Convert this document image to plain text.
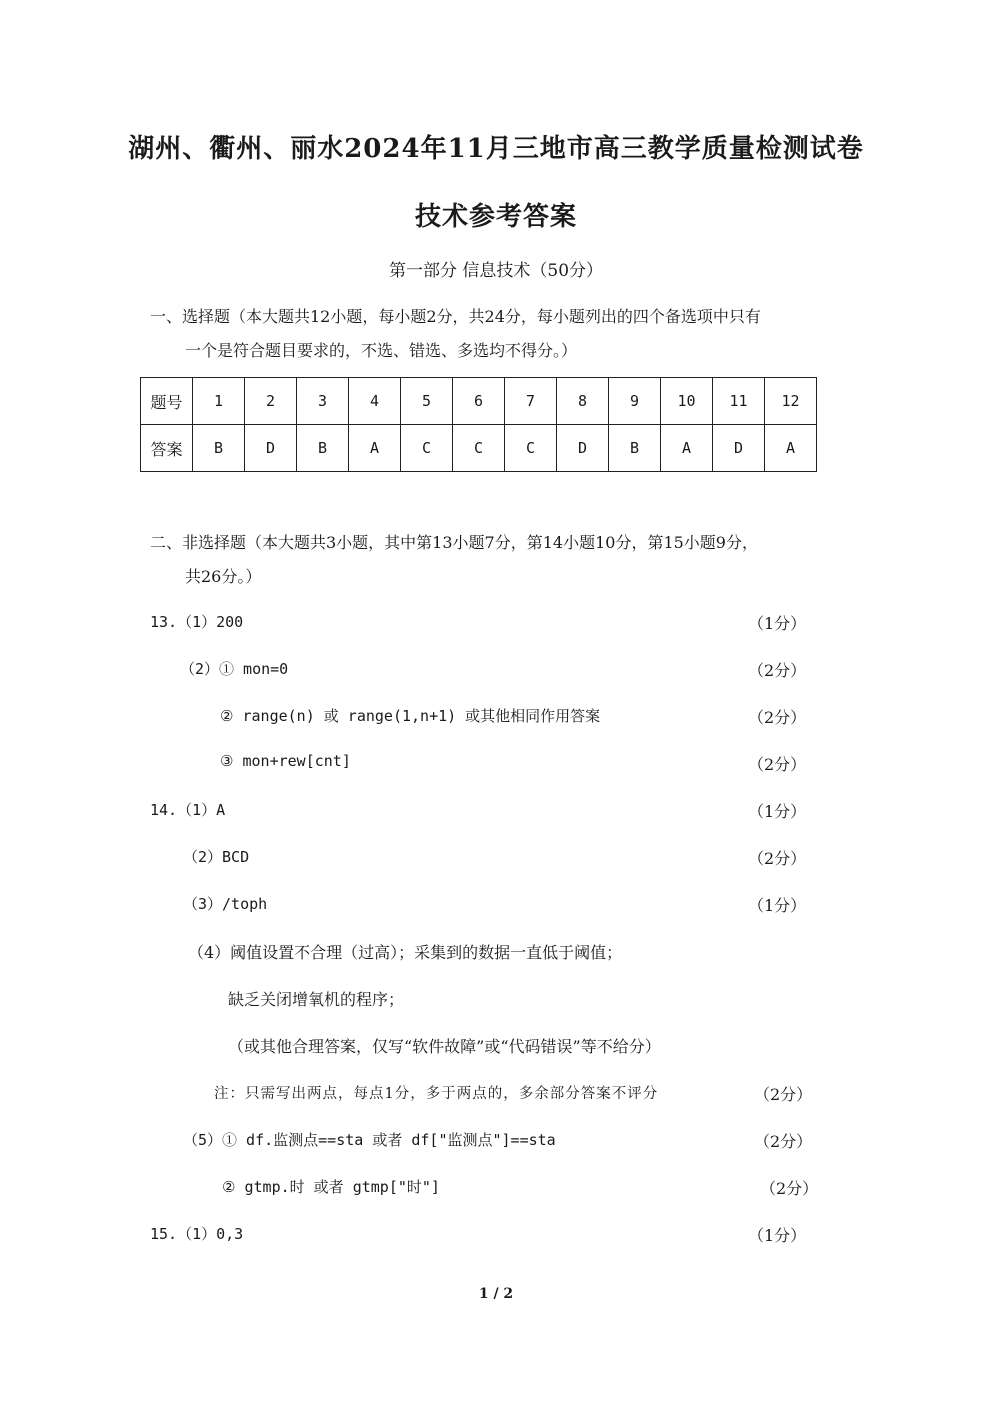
湖州、衢州、丽水2024年11月三地市高三教学质量检测试卷
技术参考答案
第一部分 信息技术（50分）
一、选择题（本大题共12小题，每小题2分，共24分，每小题列出的四个备选项中只有
一个是符合题目要求的，不选、错选、多选均不得分。）
题号	1	2	3	4	5	6	7	8	9	10	11	12
答案	B	D	B	A	C	C	C	D	B	A	D	A
二、非选择题（本大题共3小题，其中第13小题7分，第14小题10分，第15小题9分，
共26分。）
13.（1）200	（1分）
（2）① mon=0	（2分）
② range(n) 或 range(1,n+1) 或其他相同作用答案	（2分）
③ mon+rew[cnt]	（2分）
14.（1）A	（1分）
（2）BCD	（2分）
（3）/toph	（1分）
（4）阈值设置不合理（过高）；采集到的数据一直低于阈值；
缺乏关闭增氧机的程序；
（或其他合理答案，仅写“软件故障”或“代码错误”等不给分）
注：只需写出两点，每点1分，多于两点的，多余部分答案不评分	（2分）
（5）① df.监测点==sta 或者 df["监测点"]==sta	（2分）
② gtmp.时 或者 gtmp["时"]	（2分）
15.（1）0,3	（1分）
1 / 2
